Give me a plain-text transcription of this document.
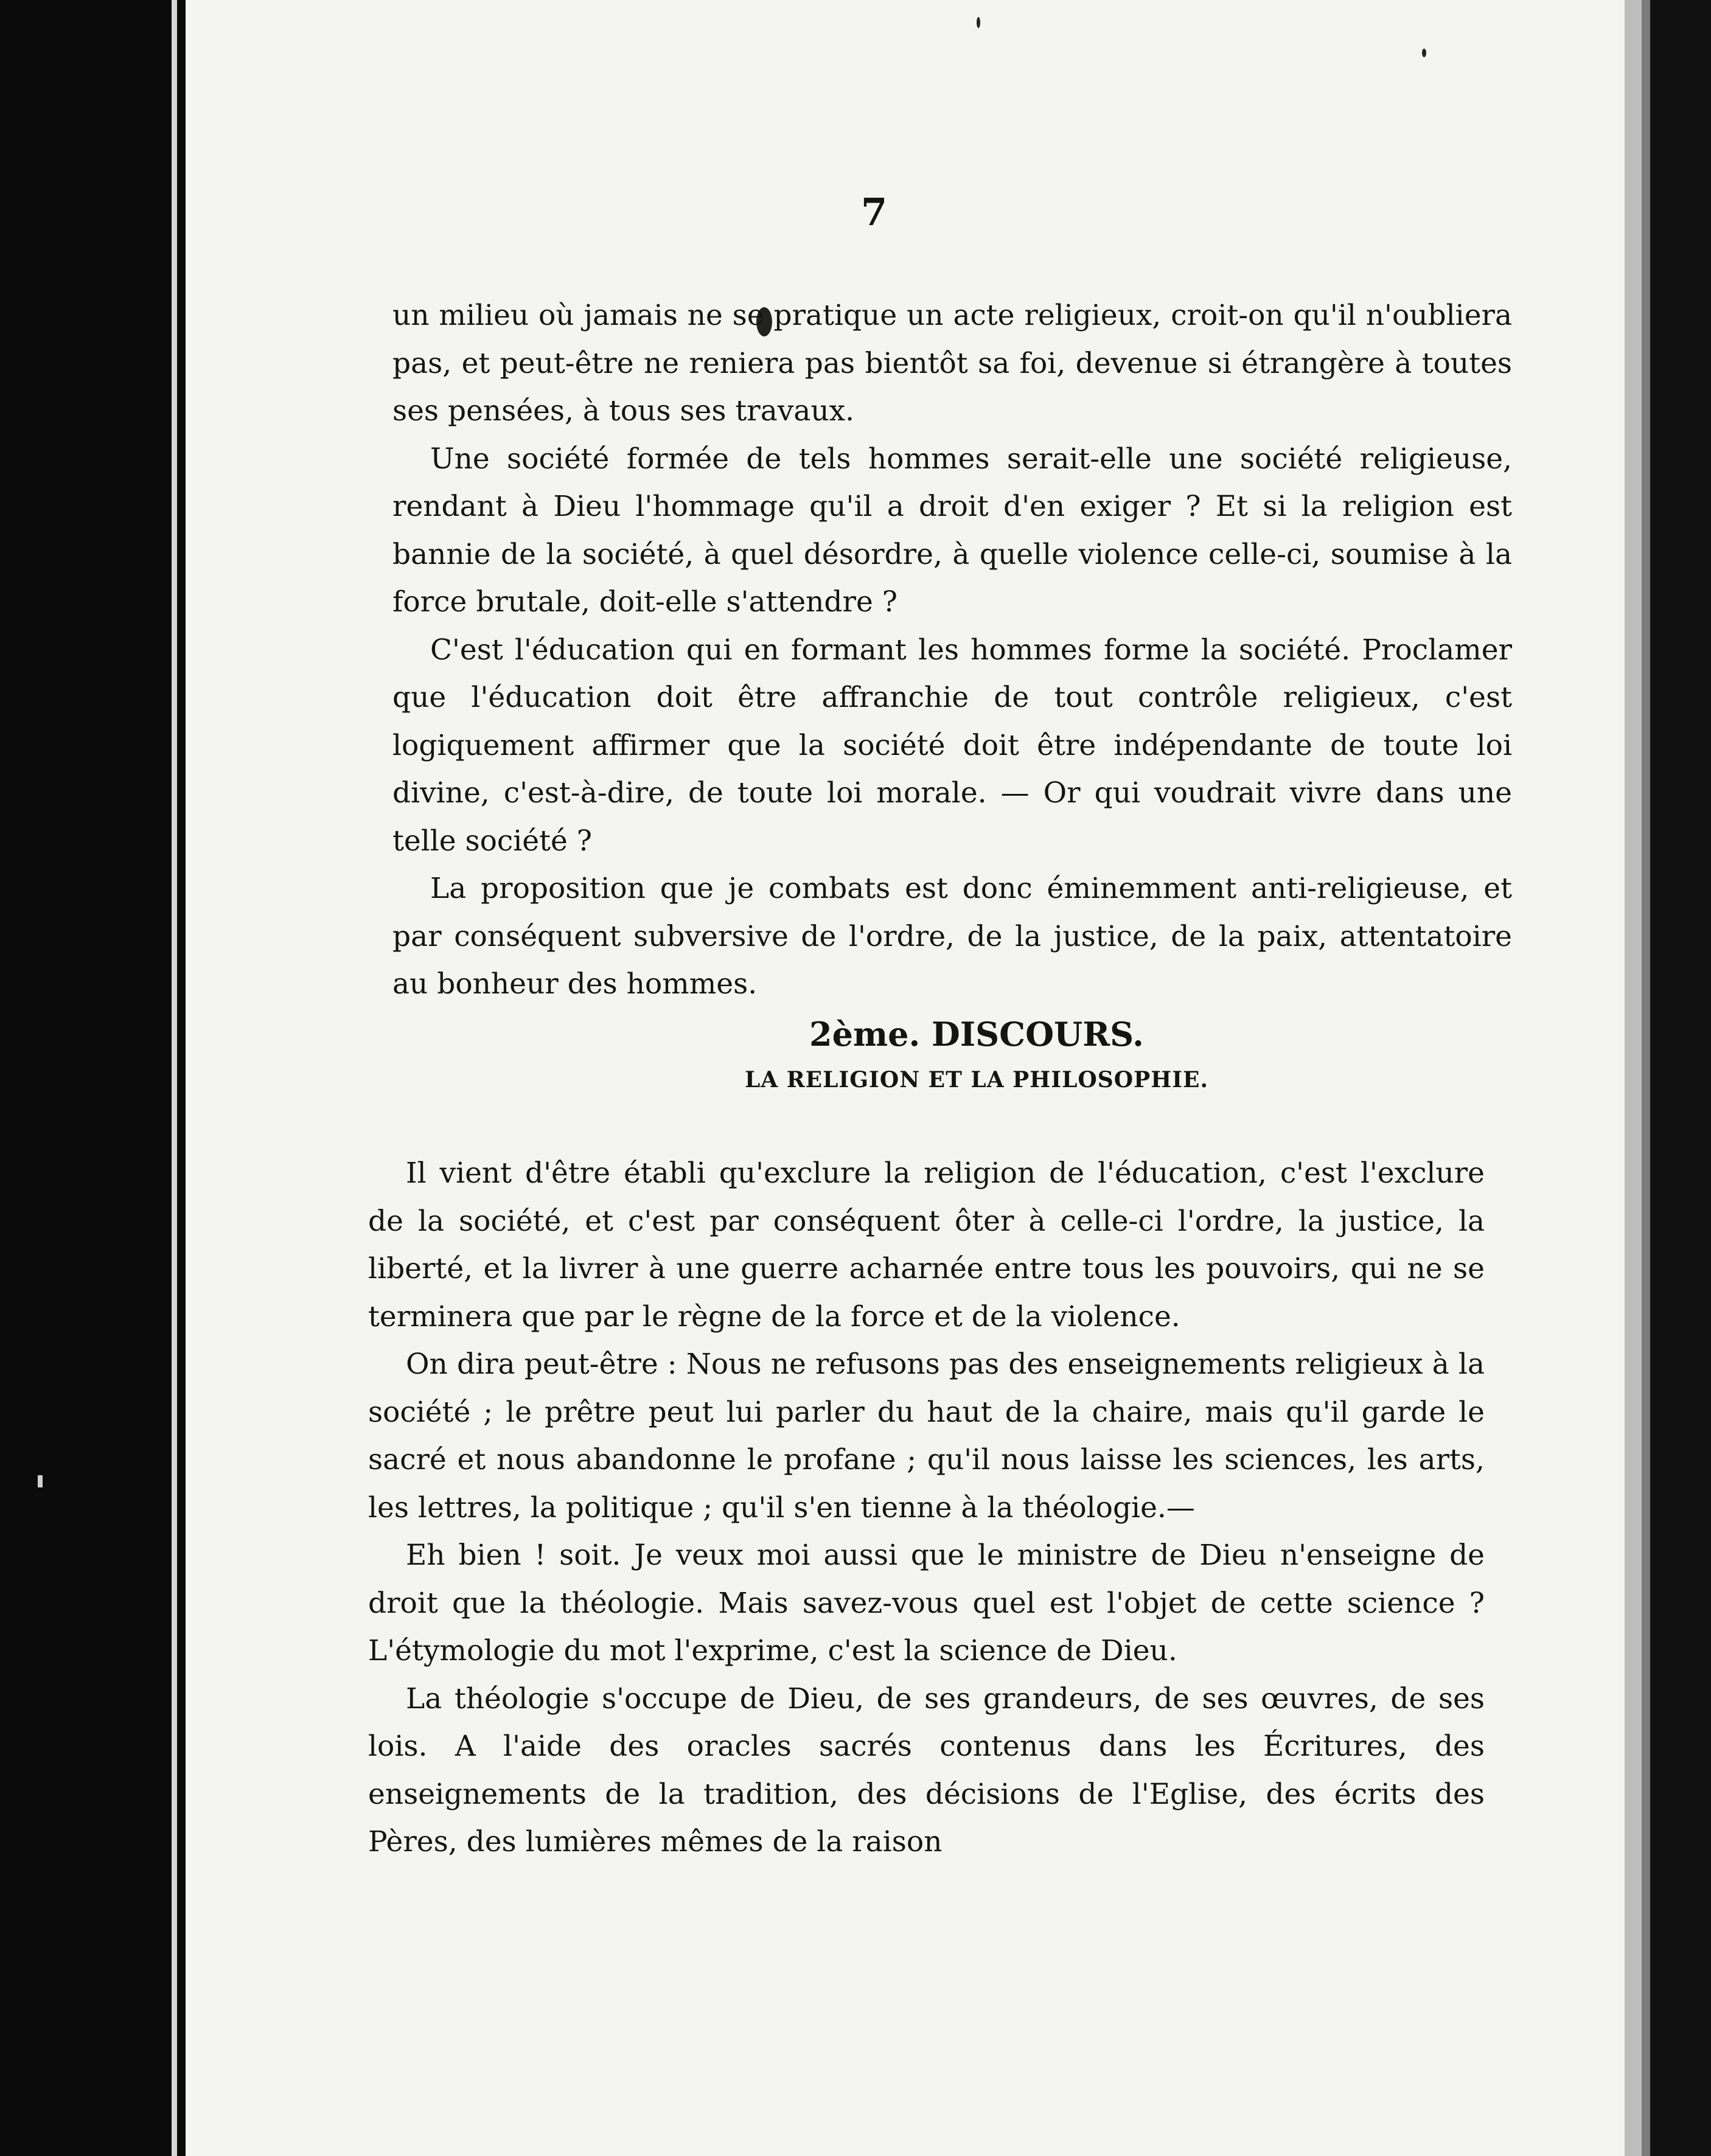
7

un milieu où jamais ne se pratique un acte religieux, croit-on qu'il n'oubliera pas, et peut-être ne reniera pas bientôt sa foi, devenue si étrangère à toutes ses pensées, à tous ses travaux.

Une société formée de tels hommes serait-elle une société religieuse, rendant à Dieu l'hommage qu'il a droit d'en exiger ? Et si la religion est bannie de la société, à quel désordre, à quelle violence celle-ci, soumise à la force brutale, doit-elle s'attendre ?

C'est l'éducation qui en formant les hommes forme la société. Proclamer que l'éducation doit être affranchie de tout contrôle religieux, c'est logiquement affirmer que la société doit être indépendante de toute loi divine, c'est-à-dire, de toute loi morale. — Or qui voudrait vivre dans une telle société ?

La proposition que je combats est donc éminemment anti-religieuse, et par conséquent subversive de l'ordre, de la justice, de la paix, attentatoire au bonheur des hommes.

2ème. DISCOURS.

LA RELIGION ET LA PHILOSOPHIE.

Il vient d'être établi qu'exclure la religion de l'éducation, c'est l'exclure de la société, et c'est par conséquent ôter à celle-ci l'ordre, la justice, la liberté, et la livrer à une guerre acharnée entre tous les pouvoirs, qui ne se terminera que par le règne de la force et de la violence.

On dira peut-être : Nous ne refusons pas des enseignements religieux à la société ; le prêtre peut lui parler du haut de la chaire, mais qu'il garde le sacré et nous abandonne le profane ; qu'il nous laisse les sciences, les arts, les lettres, la politique ; qu'il s'en tienne à la théologie.—

Eh bien ! soit. Je veux moi aussi que le ministre de Dieu n'enseigne de droit que la théologie. Mais savez-vous quel est l'objet de cette science ? L'étymologie du mot l'exprime, c'est la science de Dieu.

La théologie s'occupe de Dieu, de ses grandeurs, de ses œuvres, de ses lois. A l'aide des oracles sacrés contenus dans les Écritures, des enseignements de la tradition, des décisions de l'Eglise, des écrits des Pères, des lumières mêmes de la raison
